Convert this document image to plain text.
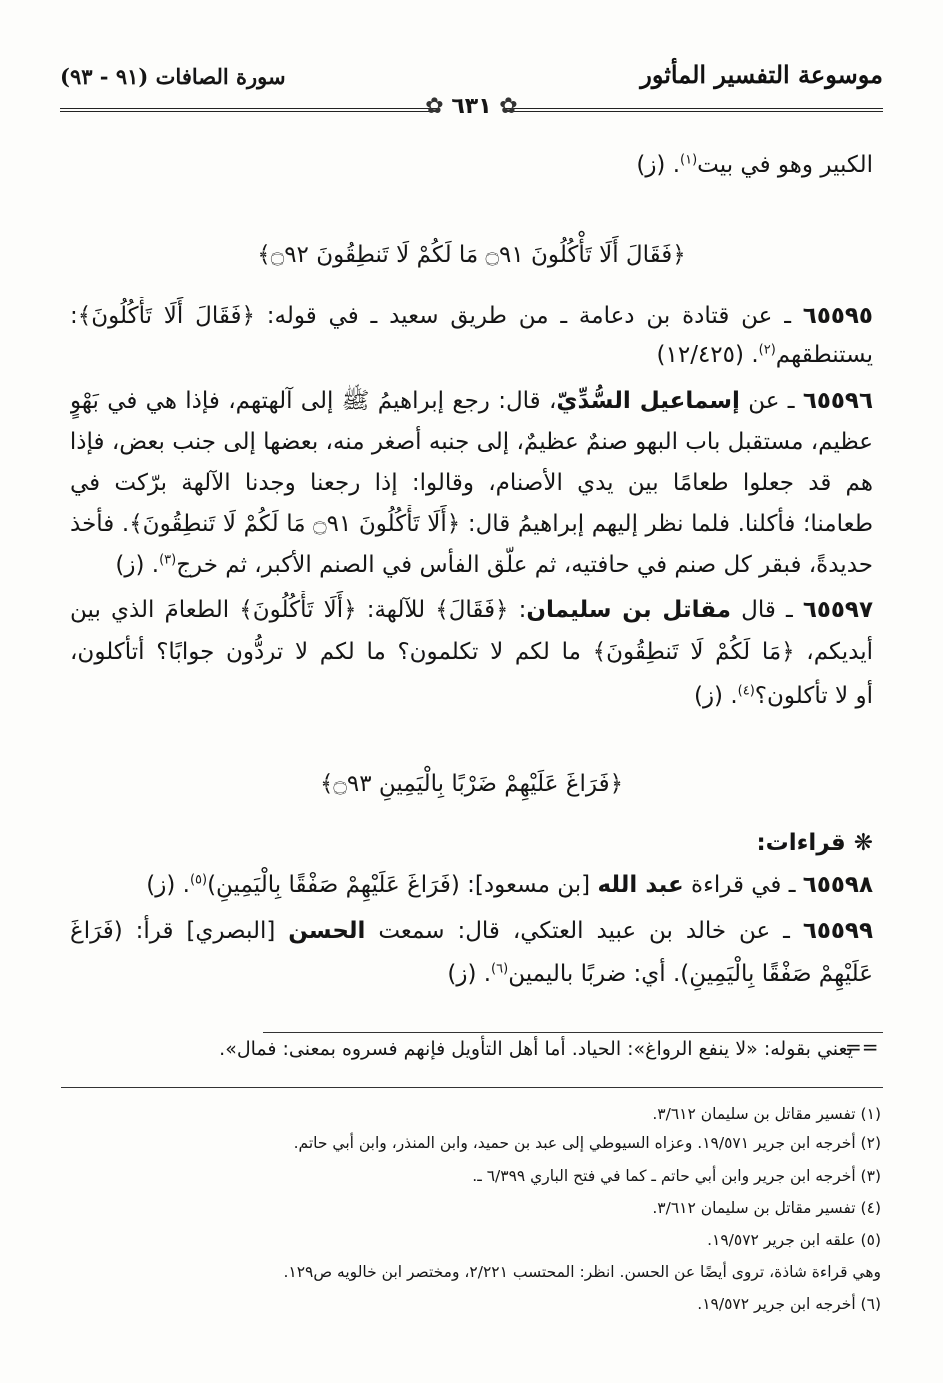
موسوعة التفسير المأثور
سورة الصافات (٩١ - ٩٣)
✿ ٦٣١ ✿
الكبير وهو في بيت$^{(١)}$. (ز)
﴿فَقَالَ أَلَا تَأْكُلُونَ ۝٩١ مَا لَكُمْ لَا تَنطِقُونَ ۝٩٢﴾
٦٥٥٩٥ ـ عن قتادة بن دعامة ـ من طريق سعيد ـ في قوله: ﴿فَقَالَ أَلَا تَأْكُلُونَ﴾:
يستنطقهم$^{(٢)}$. (١٢/٤٢٥)
٦٥٥٩٦ ـ عن إسماعيل السُّدِّيّ، قال: رجع إبراهيمُ ﷺ إلى آلهتهم، فإذا هي في بَهْوٍ
عظيم، مستقبل باب البهو صنمٌ عظيمٌ، إلى جنبه أصغر منه، بعضها إلى جنب بعض، فإذا
هم قد جعلوا طعامًا بين يدي الأصنام، وقالوا: إذا رجعنا وجدنا الآلهة برّكت في
طعامنا؛ فأكلنا. فلما نظر إليهم إبراهيمُ قال: ﴿أَلَا تَأْكُلُونَ ۝٩١ مَا لَكُمْ لَا تَنطِقُونَ﴾. فأخذ
حديدةً، فبقر كل صنم في حافتيه، ثم علّق الفأس في الصنم الأكبر، ثم خرج$^{(٣)}$. (ز)
٦٥٥٩٧ ـ قال مقاتل بن سليمان: ﴿فَقَالَ﴾ للآلهة: ﴿أَلَا تَأْكُلُونَ﴾ الطعامَ الذي بين
أيديكم، ﴿مَا لَكُمْ لَا تَنطِقُونَ﴾ ما لكم لا تكلمون؟ ما لكم لا تردُّون جوابًا؟ أتأكلون،
أو لا تأكلون؟$^{(٤)}$. (ز)
﴿فَرَاغَ عَلَيْهِمْ ضَرْبًا بِالْيَمِينِ ۝٩٣﴾
❋ قراءات:
٦٥٥٩٨ ـ في قراءة عبد الله [بن مسعود]: (فَرَاغَ عَلَيْهِمْ صَفْقًا بِالْيَمِينِ)$^{(٥)}$. (ز)
٦٥٥٩٩ ـ عن خالد بن عبيد العتكي، قال: سمعت الحسن [البصري] قرأ: (فَرَاغَ
عَلَيْهِمْ صَفْقًا بِالْيَمِينِ). أي: ضربًا باليمين$^{(٦)}$. (ز)
==
يعني بقوله: «لا ينفع الرواغ»: الحياد. أما أهل التأويل فإنهم فسروه بمعنى: فمال».
(١) تفسير مقاتل بن سليمان ٣/٦١٢.
(٢) أخرجه ابن جرير ١٩/٥٧١. وعزاه السيوطي إلى عبد بن حميد، وابن المنذر، وابن أبي حاتم.
(٣) أخرجه ابن جرير وابن أبي حاتم ـ كما في فتح الباري ٦/٣٩٩ ـ.
(٤) تفسير مقاتل بن سليمان ٣/٦١٢.
(٥) علقه ابن جرير ١٩/٥٧٢.
وهي قراءة شاذة، تروى أيضًا عن الحسن. انظر: المحتسب ٢/٢٢١، ومختصر ابن خالويه ص١٢٩.
(٦) أخرجه ابن جرير ١٩/٥٧٢.
